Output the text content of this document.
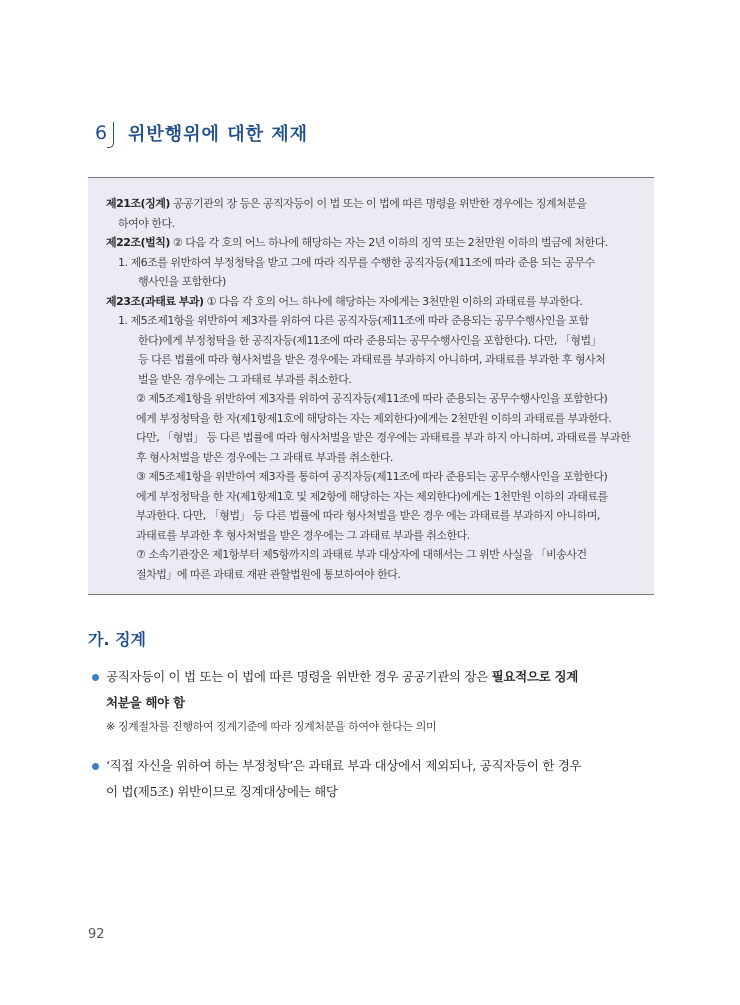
6	위반행위에 대한 제재
제21조(징계) 공공기관의 장 등은 공직자등이 이 법 또는 이 법에 따른 명령을 위반한 경우에는 징계처분을
하여야 한다.
제22조(벌칙) ② 다음 각 호의 어느 하나에 해당하는 자는 2년 이하의 징역 또는 2천만원 이하의 벌금에 처한다.
1. 제6조를 위반하여 부정청탁을 받고 그에 따라 직무를 수행한 공직자등(제11조에 따라 준용 되는 공무수
행사인을 포함한다)
제23조(과태료 부과) ① 다음 각 호의 어느 하나에 해당하는 자에게는 3천만원 이하의 과태료를 부과한다.
1. 제5조제1항을 위반하여 제3자를 위하여 다른 공직자등(제11조에 따라 준용되는 공무수행사인을 포함
한다)에게 부정청탁을 한 공직자등(제11조에 따라 준용되는 공무수행사인을 포함한다). 다만, 「형법」
등 다른 법률에 따라 형사처벌을 받은 경우에는 과태료를 부과하지 아니하며, 과태료를 부과한 후 형사처
벌을 받은 경우에는 그 과태료 부과를 취소한다.
② 제5조제1항을 위반하여 제3자를 위하여 공직자등(제11조에 따라 준용되는 공무수행사인을 포함한다)
에게 부정청탁을 한 자(제1항제1호에 해당하는 자는 제외한다)에게는 2천만원 이하의 과태료를 부과한다.
다만, 「형법」 등 다른 법률에 따라 형사처벌을 받은 경우에는 과태료를 부과 하지 아니하며, 과태료를 부과한
후 형사처벌을 받은 경우에는 그 과태료 부과를 취소한다.
③ 제5조제1항을 위반하여 제3자를 통하여 공직자등(제11조에 따라 준용되는 공무수행사인을 포함한다)
에게 부정청탁을 한 자(제1항제1호 및 제2항에 해당하는 자는 제외한다)에게는 1천만원 이하의 과태료를
부과한다. 다만, 「형법」 등 다른 법률에 따라 형사처벌을 받은 경우 에는 과태료를 부과하지 아니하며,
과태료를 부과한 후 형사처벌을 받은 경우에는 그 과태료 부과를 취소한다.
⑦ 소속기관장은 제1항부터 제5항까지의 과태료 부과 대상자에 대해서는 그 위반 사실을 「비송사건
절차법」에 따른 과태료 재판 관할법원에 통보하여야 한다.
가. 징계
공직자등이 이 법 또는 이 법에 따른 명령을 위반한 경우 공공기관의 장은 필요적으로 징계
처분을 해야 함
※ 징계절차를 진행하여 징계기준에 따라 징계처분을 하여야 한다는 의미
‘직접 자신을 위하여 하는 부정청탁’은 과태료 부과 대상에서 제외되나, 공직자등이 한 경우
이 법(제5조) 위반이므로 징계대상에는 해당
92
